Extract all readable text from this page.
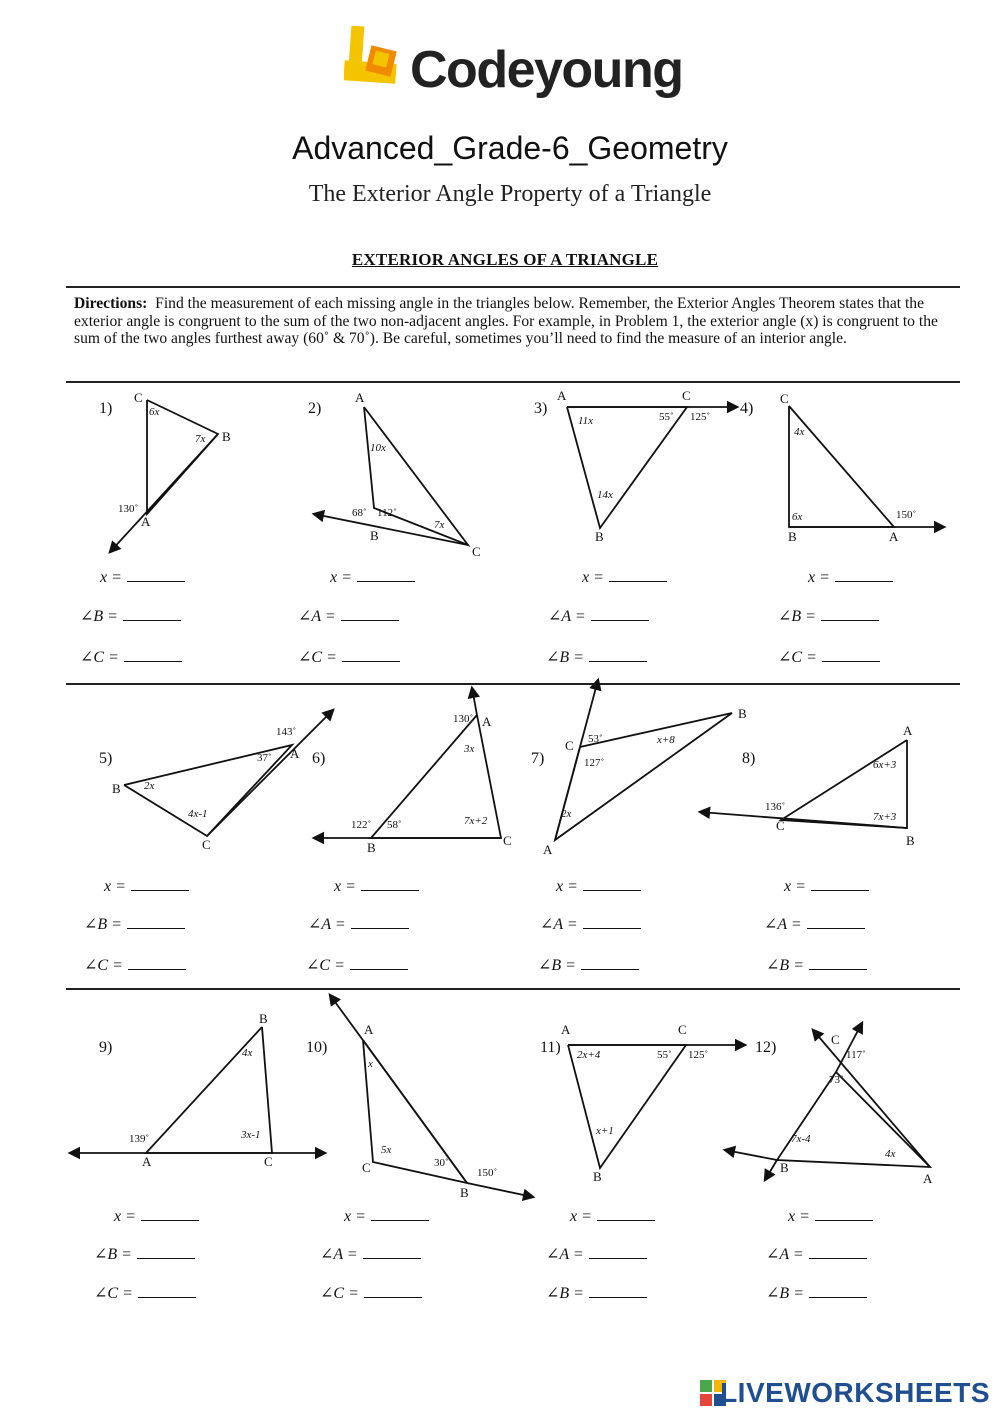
Codeyoung
Advanced_Grade-6_Geometry
The Exterior Angle Property of a Triangle
EXTERIOR ANGLES OF A TRIANGLE
Directions: Find the measurement of each missing angle in the triangles below. Remember, the Exterior Angles Theorem states that the exterior angle is congruent to the sum of the two non-adjacent angles. For example, in Problem 1, the exterior angle (x) is congruent to the sum of the two angles furthest away (60˚ & 70˚). Be careful, sometimes you’ll need to find the measure of an interior angle.
1)	2)	3)	4)
5)	6)	7)	8)
9)	10)	11)	12)
C
B
A
6x
7x
130˚
A
B
C
10x
68˚ 112˚
7x
A	C
B
11x	55˚ 125˚
14x
C
B	A
4x
6x	150˚
B
A
C
2x
4x-1
37˚
143˚
A
B	C
130˚
3x
122˚ 58˚	7x+2
C
B
A
53˚
127˚
x+8
2x
A
C
B
6x+3
136˚
7x+3
B
A	C
4x
139˚	3x-1
A
C
B
x
5x
30˚
150˚
A	C
B
2x+4	55˚ 125˚
x+1
C
B
A
117˚
73˚
7x-4
4x
x =
∠B =
∠C =
x =
∠A =
∠C =
x =
∠A =
∠B =
x =
∠B =
∠C =
x =
∠B =
∠C =
x =
∠A =
∠C =
x =
∠A =
∠B =
x =
∠A =
∠B =
x =
∠B =
∠C =
x =
∠A =
∠C =
x =
∠A =
∠B =
x =
∠A =
∠B =
LIVEWORKSHEETS
